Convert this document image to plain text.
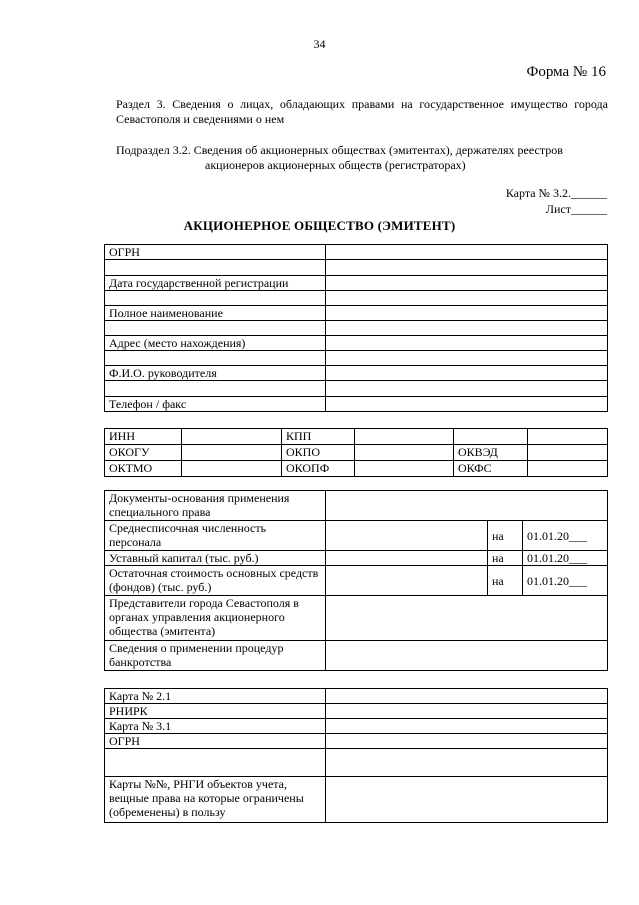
34
Форма № 16
Раздел 3. Сведения о лицах, обладающих правами на государственное имущество города Севастополя и сведениями о нем
Подраздел 3.2. Сведения об акционерных обществах (эмитентах), держателях реестров
акционеров акционерных обществ (регистраторах)
Карта № 3.2.______
Лист______
АКЦИОНЕРНОЕ ОБЩЕСТВО (ЭМИТЕНТ)
ОГРН	

Дата государственной регистрации	

Полное наименование	

Адрес (место нахождения)	

Ф.И.О. руководителя	

Телефон / факс	
ИНН		КПП			
ОКОГУ		ОКПО		ОКВЭД	
ОКТМО		ОКОПФ		ОКФС	
Документы-основания применения специального права			
Среднесписочная численность персонала		на	01.01.20___
Уставный капитал (тыс. руб.)		на	01.01.20___
Остаточная стоимость основных средств (фондов) (тыс. руб.)		на	01.01.20___
Представители города Севастополя в органах управления акционерного общества (эмитента)			
Сведения о применении процедур банкротства			
Карта № 2.1	
РНИРК	
Карта № 3.1	
ОГРН	

Карты №№, РНГИ объектов учета, вещные права на которые ограничены (обременены) в пользу	
